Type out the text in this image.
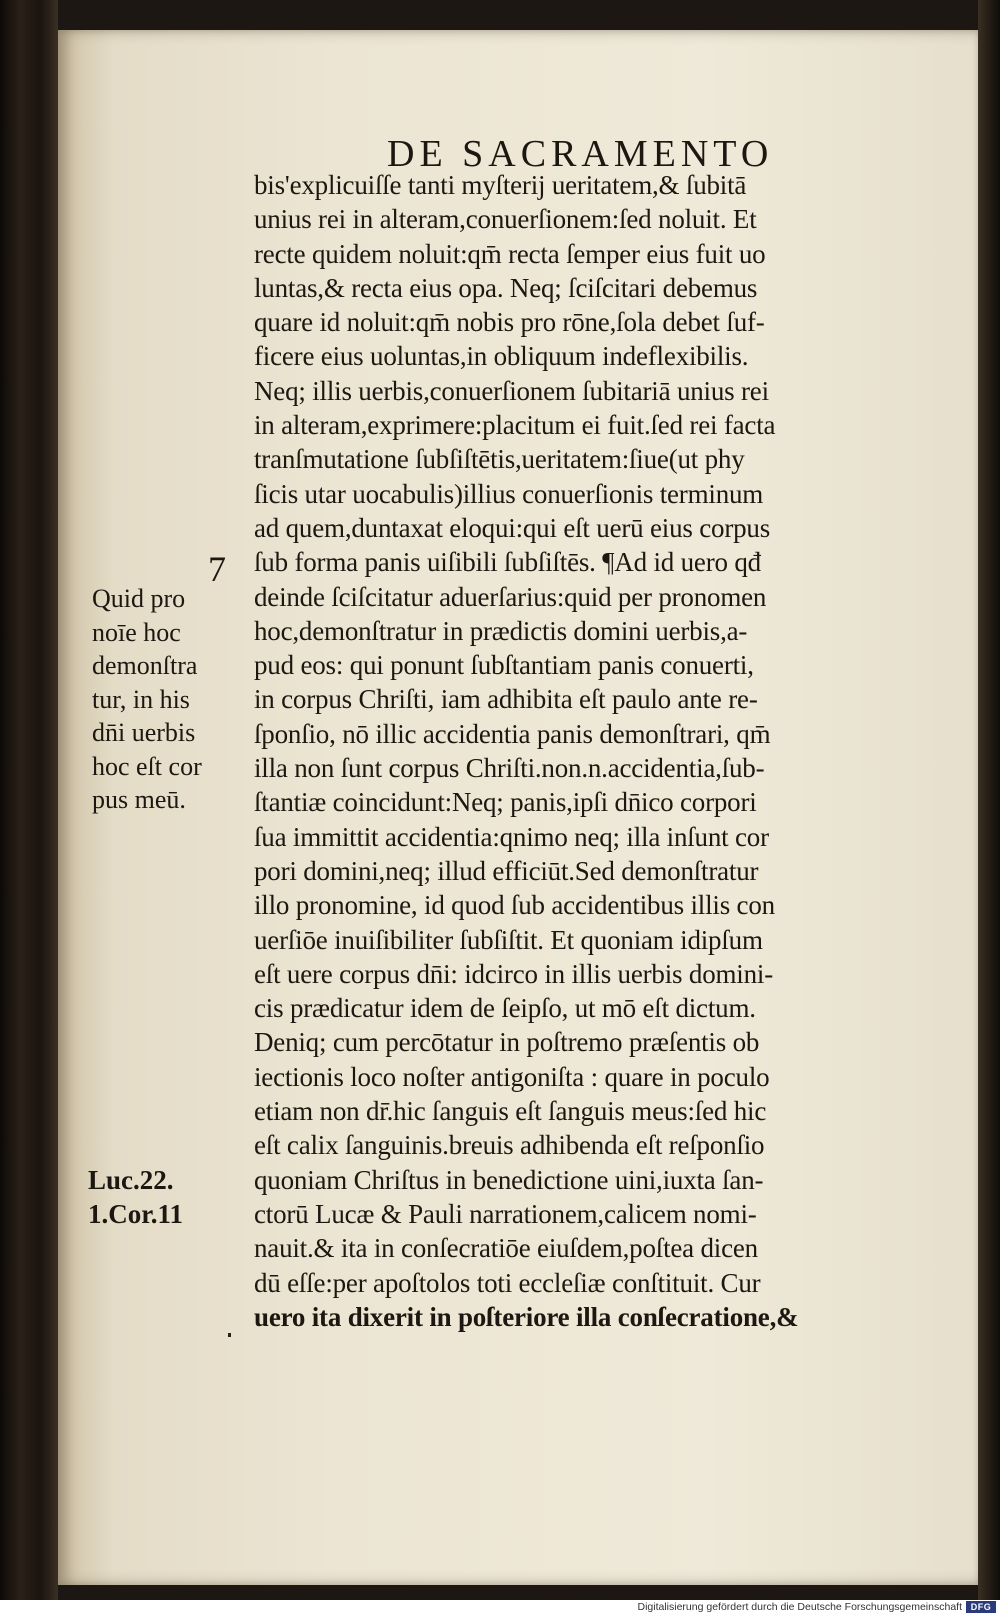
DE SACRAMENTO
bis'explicuiſſe tanti myſterij ueritatem,& ſubitā
unius rei in alteram,conuerſionem:ſed noluit. Et
recte quidem noluit:qm̄ recta ſemper eius fuit uo
luntas,& recta eius opa. Neq; ſciſcitari debemus
quare id noluit:qm̄ nobis pro rōne,ſola debet ſuf-
ficere eius uoluntas,in obliquum indeflexibilis.
Neq; illis uerbis,conuerſionem ſubitariā unius rei
in alteram,exprimere:placitum ei fuit.ſed rei facta
tranſmutatione ſubſiſtētis,ueritatem:ſiue(ut phy
ſicis utar uocabulis)illius conuerſionis terminum
ad quem,duntaxat eloqui:qui eſt uerū eius corpus
ſub forma panis uiſibili ſubſiſtēs. ¶Ad id uero qđ
deinde ſciſcitatur aduerſarius:quid per pronomen
hoc,demonſtratur in prædictis domini uerbis,a-
pud eos: qui ponunt ſubſtantiam panis conuerti,
in corpus Chriſti, iam adhibita eſt paulo ante re-
ſponſio, nō illic accidentia panis demonſtrari, qm̄
illa non ſunt corpus Chriſti.non.n.accidentia,ſub-
ſtantiæ coincidunt:Neq; panis,ipſi dn̄ico corpori
ſua immittit accidentia:qnimo neq; illa inſunt cor
pori domini,neq; illud efficiūt.Sed demonſtratur
illo pronomine, id quod ſub accidentibus illis con
uerſiōe inuiſibiliter ſubſiſtit. Et quoniam idipſum
eſt uere corpus dn̄i: idcirco in illis uerbis domini-
cis prædicatur idem de ſeipſo, ut mō eſt dictum.
Deniq; cum percōtatur in poſtremo præſentis ob
iectionis loco noſter antigoniſta : quare in poculo
etiam non dr̄.hic ſanguis eſt ſanguis meus:ſed hic
eſt calix ſanguinis.breuis adhibenda eſt reſponſio
quoniam Chriſtus in benedictione uini,iuxta ſan-
ctorū Lucæ & Pauli narrationem,calicem nomi-
nauit.& ita in conſecratiōe eiuſdem,poſtea dicen
dū eſſe:per apoſtolos toti eccleſiæ conſtituit. Cur
uero ita dixerit in poſteriore illa conſecratione,&
7
Quid pro
noīe hoc
demonſtra
tur, in his
dn̄i uerbis
hoc eſt cor
pus meū.
Luc.22.
1.Cor.11
Digitalisierung gefördert durch die Deutsche Forschungsgemeinschaft DFG
